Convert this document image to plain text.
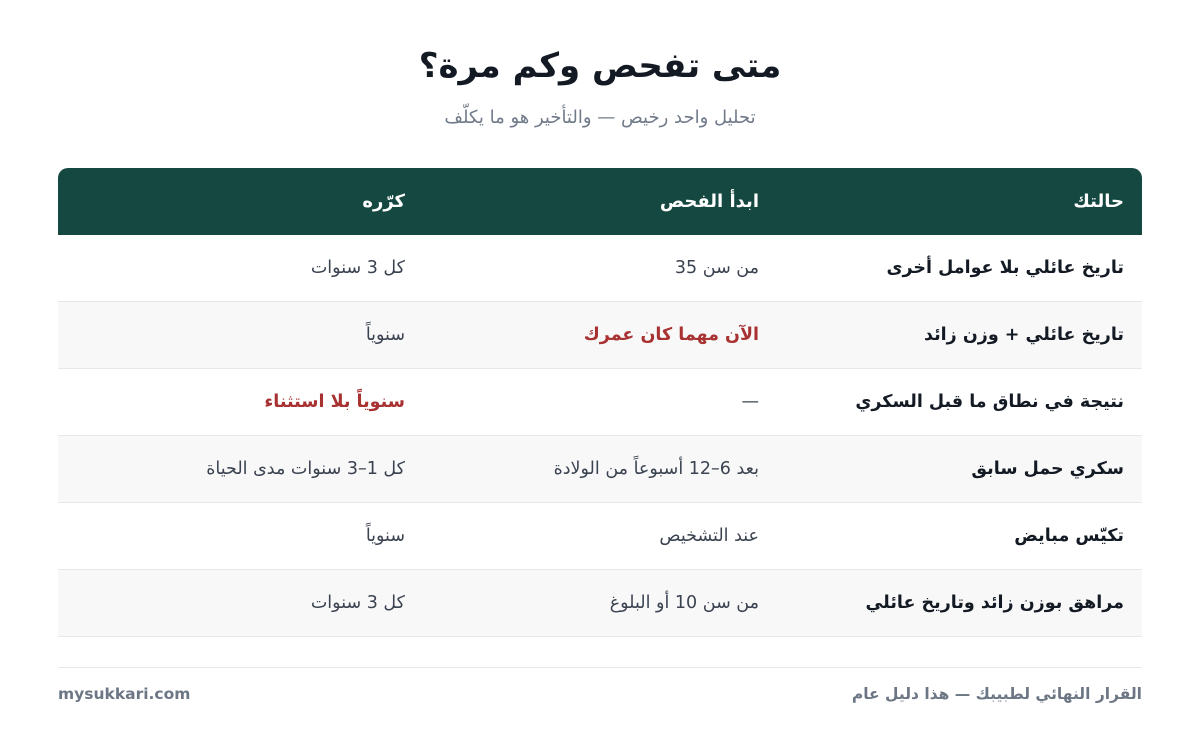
متى تفحص وكم مرة؟
تحليل واحد رخيص — والتأخير هو ما يكلّف
حالتك
ابدأ الفحص
كرّره
تاريخ عائلي بلا عوامل أخرى
من سن 35
كل 3 سنوات
تاريخ عائلي + وزن زائد
الآن مهما كان عمرك
سنوياً
نتيجة في نطاق ما قبل السكري
—
سنوياً بلا استثناء
سكري حمل سابق
بعد 6–12 أسبوعاً من الولادة
كل 1–3 سنوات مدى الحياة
تكيّس مبايض
عند التشخيص
سنوياً
مراهق بوزن زائد وتاريخ عائلي
من سن 10 أو البلوغ
كل 3 سنوات
القرار النهائي لطبيبك — هذا دليل عام
mysukkari.com
